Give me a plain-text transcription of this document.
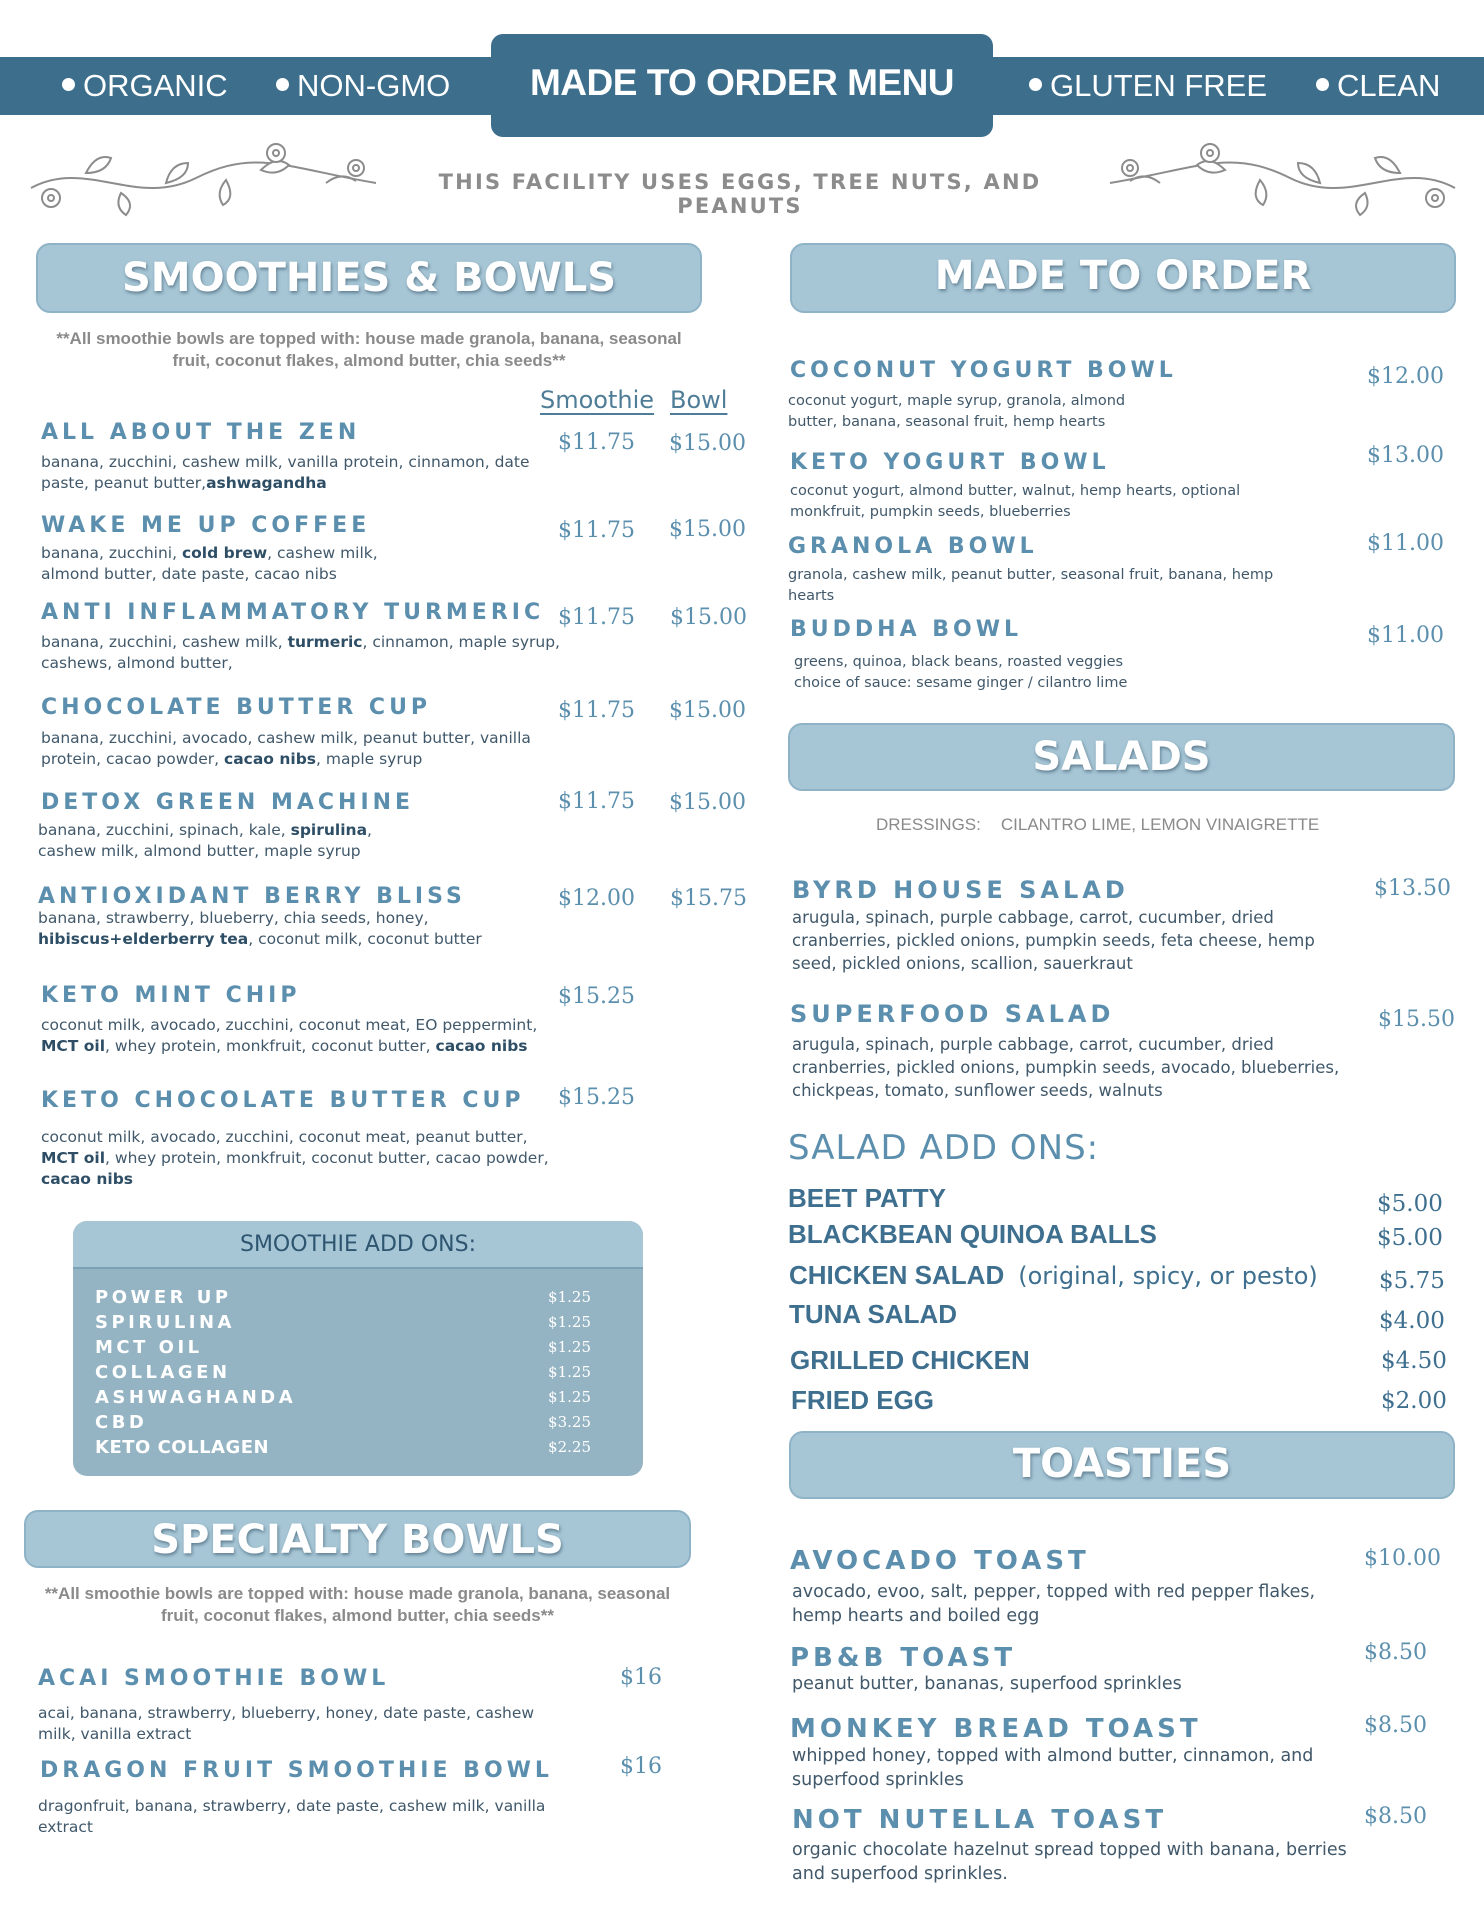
ORGANIC	NON-GMO	MADE TO ORDER MENU	GLUTEN FREE	CLEAN
THIS FACILITY USES EGGS, TREE NUTS, AND PEANUTS
SMOOTHIES & BOWLS
**All smoothie bowls are topped with: house made granola, banana, seasonal
fruit, coconut flakes, almond butter, chia seeds**
Smoothie Bowl
ALL ABOUT THE ZEN
banana, zucchini, cashew milk, vanilla protein, cinnamon, date
paste, peanut butter,ashwagandha
$11.75 $15.00
WAKE ME UP COFFEE
banana, zucchini, cold brew, cashew milk,
almond butter, date paste, cacao nibs
$11.75 $15.00
ANTI INFLAMMATORY TURMERIC
banana, zucchini, cashew milk, turmeric, cinnamon, maple syrup,
cashews, almond butter,
$11.75 $15.00
CHOCOLATE BUTTER CUP
banana, zucchini, avocado, cashew milk, peanut butter, vanilla
protein, cacao powder, cacao nibs, maple syrup
$11.75 $15.00
DETOX GREEN MACHINE
banana, zucchini, spinach, kale, spirulina,
cashew milk, almond butter, maple syrup
$11.75 $15.00
ANTIOXIDANT BERRY BLISS
banana, strawberry, blueberry, chia seeds, honey,
hibiscus+elderberry tea, coconut milk, coconut butter
$12.00 $15.75
KETO MINT CHIP
coconut milk, avocado, zucchini, coconut meat, EO peppermint,
MCT oil, whey protein, monkfruit, coconut butter, cacao nibs
$15.25
KETO CHOCOLATE BUTTER CUP
coconut milk, avocado, zucchini, coconut meat, peanut butter,
MCT oil, whey protein, monkfruit, coconut butter, cacao powder,
cacao nibs
$15.25
SMOOTHIE ADD ONS:
POWER UP	$1.25
SPIRULINA	$1.25
MCT OIL	$1.25
COLLAGEN	$1.25
ASHWAGHANDA	$1.25
CBD	$3.25
KETO COLLAGEN	$2.25
SPECIALTY BOWLS
**All smoothie bowls are topped with: house made granola, banana, seasonal
fruit, coconut flakes, almond butter, chia seeds**
ACAI SMOOTHIE BOWL
acai, banana, strawberry, blueberry, honey, date paste, cashew
milk, vanilla extract
$16
DRAGON FRUIT SMOOTHIE BOWL
dragonfruit, banana, strawberry, date paste, cashew milk, vanilla
extract
$16
MADE TO ORDER
COCONUT YOGURT BOWL
coconut yogurt, maple syrup, granola, almond
butter, banana, seasonal fruit, hemp hearts
$12.00
KETO YOGURT BOWL
coconut yogurt, almond butter, walnut, hemp hearts, optional
monkfruit, pumpkin seeds, blueberries
$13.00
GRANOLA BOWL
granola, cashew milk, peanut butter, seasonal fruit, banana, hemp
hearts
$11.00
BUDDHA BOWL
greens, quinoa, black beans, roasted veggies
choice of sauce: sesame ginger / cilantro lime
$11.00
SALADS
DRESSINGS: CILANTRO LIME, LEMON VINAIGRETTE
BYRD HOUSE SALAD
arugula, spinach, purple cabbage, carrot, cucumber, dried
cranberries, pickled onions, pumpkin seeds, feta cheese, hemp
seed, pickled onions, scallion, sauerkraut
$13.50
SUPERFOOD SALAD
arugula, spinach, purple cabbage, carrot, cucumber, dried
cranberries, pickled onions, pumpkin seeds, avocado, blueberries,
chickpeas, tomato, sunflower seeds, walnuts
$15.50
SALAD ADD ONS:
BEET PATTY	$5.00
BLACKBEAN QUINOA BALLS	$5.00
CHICKEN SALAD (original, spicy, or pesto)	$5.75
TUNA SALAD	$4.00
GRILLED CHICKEN	$4.50
FRIED EGG	$2.00
TOASTIES
AVOCADO TOAST
avocado, evoo, salt, pepper, topped with red pepper flakes,
hemp hearts and boiled egg
$10.00
PB&B TOAST
peanut butter, bananas, superfood sprinkles
$8.50
MONKEY BREAD TOAST
whipped honey, topped with almond butter, cinnamon, and
superfood sprinkles
$8.50
NOT NUTELLA TOAST
organic chocolate hazelnut spread topped with banana, berries
and superfood sprinkles.
$8.50
